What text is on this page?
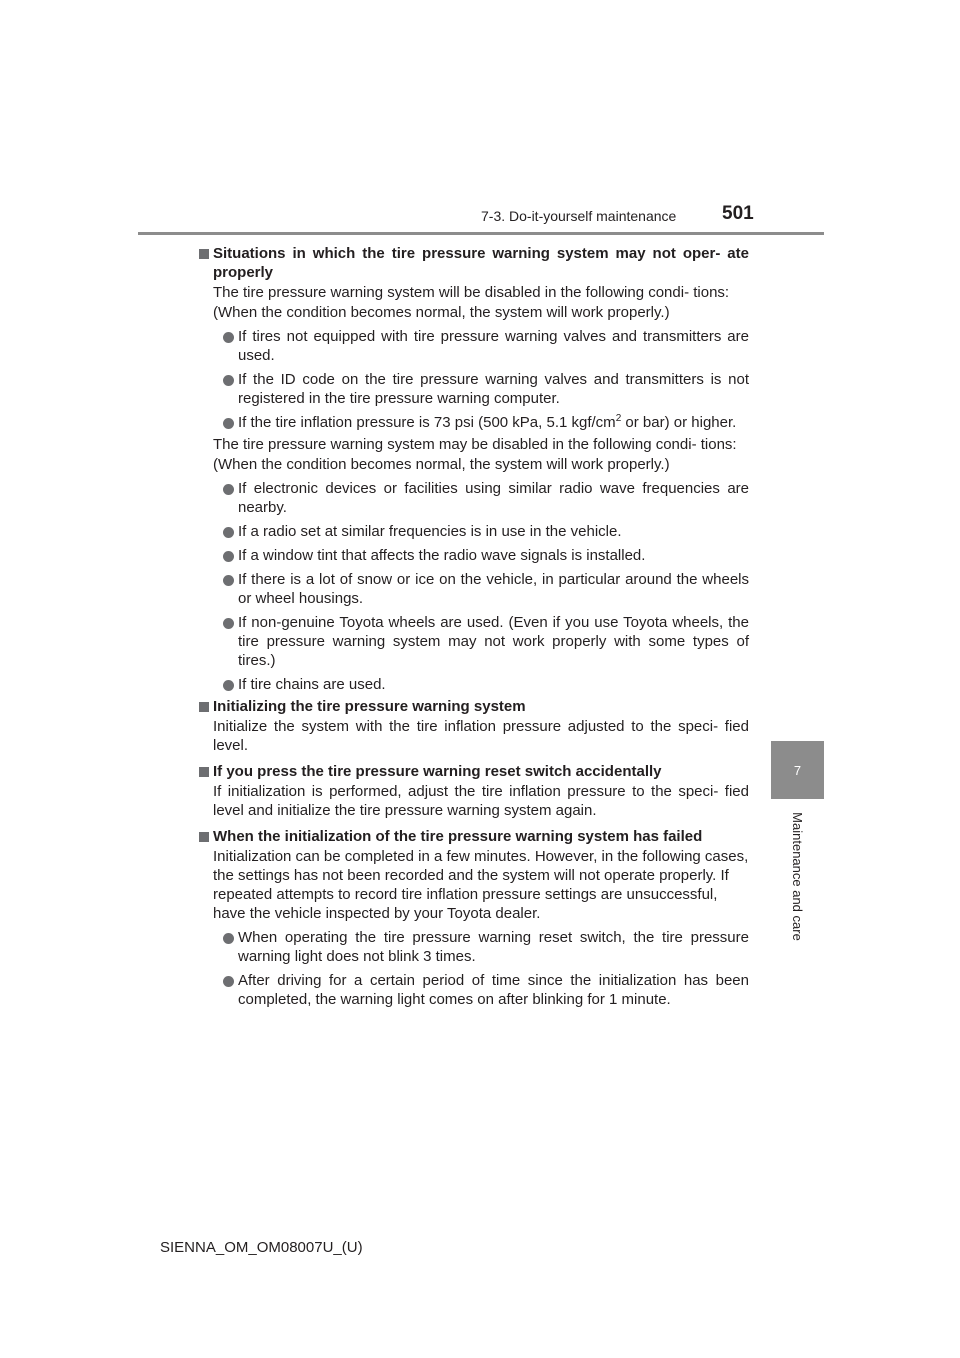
7-3. Do-it-yourself maintenance 501
7
Maintenance and care
Situations in which the tire pressure warning system may not oper- ate properly

The tire pressure warning system will be disabled in the following condi- tions:

(When the condition becomes normal, the system will work properly.)

If tires not equipped with tire pressure warning valves and transmitters are used.
If the ID code on the tire pressure warning valves and transmitters is not registered in the tire pressure warning computer.
If the tire inflation pressure is 73 psi (500 kPa, 5.1 kgf/$cm^2$ or bar) or higher.

The tire pressure warning system may be disabled in the following condi- tions:

(When the condition becomes normal, the system will work properly.)

If electronic devices or facilities using similar radio wave frequencies are nearby.
If a radio set at similar frequencies is in use in the vehicle.
If a window tint that affects the radio wave signals is installed.
If there is a lot of snow or ice on the vehicle, in particular around the wheels or wheel housings.
If non-genuine Toyota wheels are used. (Even if you use Toyota wheels, the tire pressure warning system may not work properly with some types of tires.)
If tire chains are used.
Initializing the tire pressure warning system

Initialize the system with the tire inflation pressure adjusted to the speci- fied level.

If you press the tire pressure warning reset switch accidentally

If initialization is performed, adjust the tire inflation pressure to the speci- fied level and initialize the tire pressure warning system again.

When the initialization of the tire pressure warning system has failed

Initialization can be completed in a few minutes. However, in the following cases, the settings has not been recorded and the system will not operate properly. If repeated attempts to record tire inflation pressure settings are unsuccessful, have the vehicle inspected by your Toyota dealer.

When operating the tire pressure warning reset switch, the tire pressure warning light does not blink 3 times.
After driving for a certain period of time since the initialization has been completed, the warning light comes on after blinking for 1 minute.
SIENNA_OM_OM08007U_(U)
